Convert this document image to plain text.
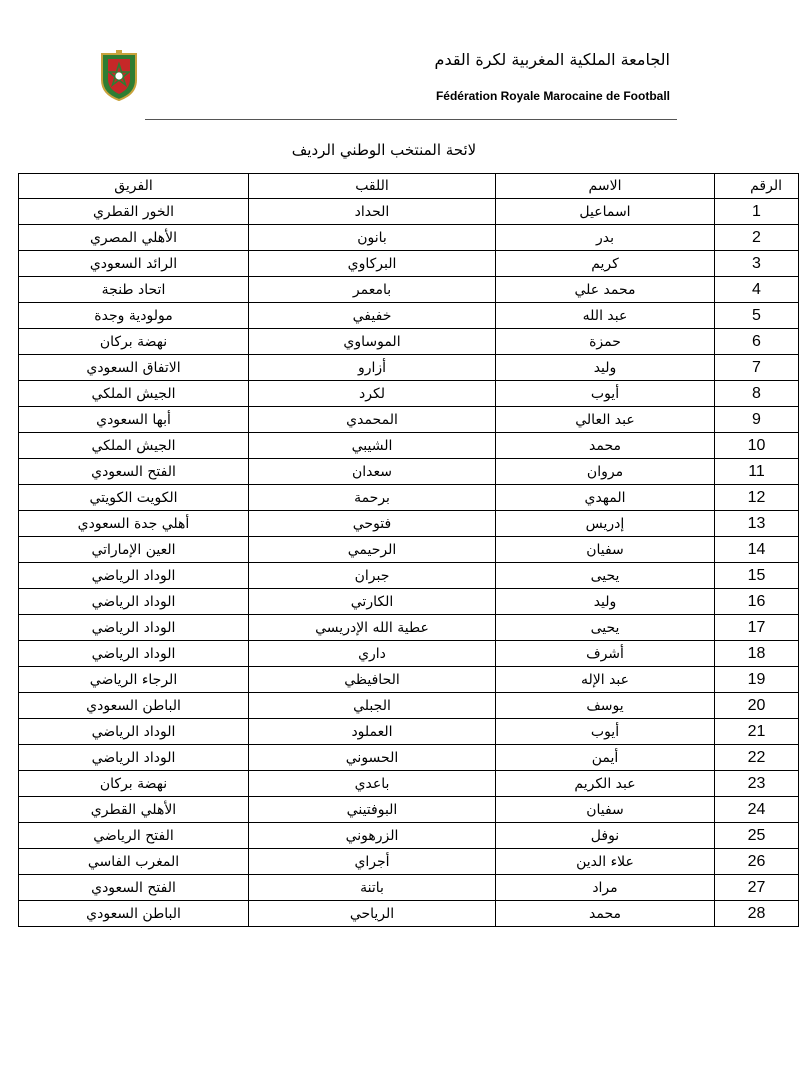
الجامعة الملكية المغربية لكرة القدم
Fédération Royale Marocaine de Football
لائحة المنتخب الوطني الرديف
الرقم	الاسم	اللقب	الفريق
1	اسماعيل	الحداد	الخور القطري
2	بدر	بانون	الأهلي المصري
3	كريم	البركاوي	الرائد السعودي
4	محمد علي	بامعمر	اتحاد طنجة
5	عبد الله	خفيفي	مولودية وجدة
6	حمزة	الموساوي	نهضة بركان
7	وليد	أزارو	الاتفاق السعودي
8	أيوب	لكرد	الجيش الملكي
9	عبد العالي	المحمدي	أبها السعودي
10	محمد	الشيبي	الجيش الملكي
11	مروان	سعدان	الفتح السعودي
12	المهدي	برحمة	الكويت الكويتي
13	إدريس	فتوحي	أهلي جدة السعودي
14	سفيان	الرحيمي	العين الإماراتي
15	يحيى	جبران	الوداد الرياضي
16	وليد	الكارتي	الوداد الرياضي
17	يحيى	عطية الله الإدريسي	الوداد الرياضي
18	أشرف	داري	الوداد الرياضي
19	عبد الإله	الحافيظي	الرجاء الرياضي
20	يوسف	الجبلي	الباطن السعودي
21	أيوب	العملود	الوداد الرياضي
22	أيمن	الحسوني	الوداد الرياضي
23	عبد الكريم	باعدي	نهضة بركان
24	سفيان	البوفتيني	الأهلي القطري
25	نوفل	الزرهوني	الفتح الرياضي
26	علاء الدين	أجراي	المغرب الفاسي
27	مراد	باتنة	الفتح السعودي
28	محمد	الرياحي	الباطن السعودي
